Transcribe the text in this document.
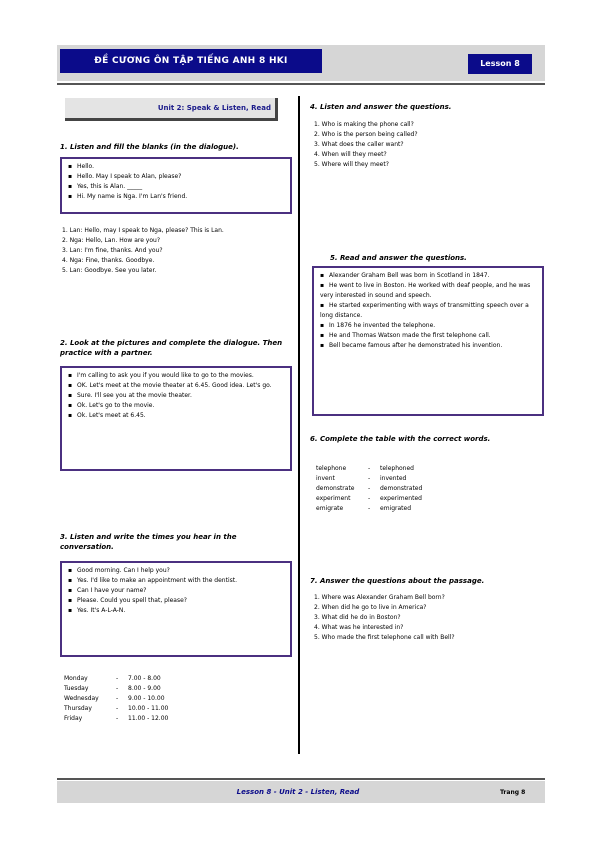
ĐỀ CƯƠNG ÔN TẬP TIẾNG ANH 8 HKI	Lesson 8
Unit 2: Speak & Listen, Read
1. Listen and fill the blanks (in the dialogue).
▪ Hello.
▪ Hello. May I speak to Alan, please?
▪ Yes, this is Alan. _____
▪ Hi. My name is Nga. I'm Lan's friend.
1. Lan: Hello, may I speak to Nga, please? This is Lan.
2. Nga: Hello, Lan. How are you?
3. Lan: I'm fine, thanks. And you?
4. Nga: Fine, thanks. Goodbye.
5. Lan: Goodbye. See you later.
2. Look at the pictures and complete the dialogue. Then practice with a partner.
▪ I'm calling to ask you if you would like to go to the movies.
▪ OK. Let's meet at the movie theater at 6.45. Good idea. Let's go.
▪ Sure. I'll see you at the movie theater.
▪ Ok. Let's go to the movie.
▪ Ok. Let's meet at 6.45.
3. Listen and write the times you hear in the conversation.
▪ Good morning. Can I help you?
▪ Yes. I'd like to make an appointment with the dentist.
▪ Can I have your name?
▪ Please. Could you spell that, please?
▪ Yes. It's A-L-A-N.
Monday	- 7.00 - 8.00
Tuesday	- 8.00 - 9.00
Wednesday	- 9.00 - 10.00
Thursday	- 10.00 - 11.00
Friday	- 11.00 - 12.00
4. Listen and answer the questions.
1. Who is making the phone call?
2. Who is the person being called?
3. What does the caller want?
4. When will they meet?
5. Where will they meet?
5. Read and answer the questions.
▪ Alexander Graham Bell was born in Scotland in 1847.
▪ He went to live in Boston. He worked with deaf people, and he was very interested in sound and speech.
▪ He started experimenting with ways of transmitting speech over a long distance.
▪ In 1876 he invented the telephone.
▪ He and Thomas Watson made the first telephone call.
▪ Bell became famous after he demonstrated his invention.
6. Complete the table with the correct words.
telephone	- telephoned
invent	- invented
demonstrate - demonstrated
experiment	- experimented
emigrate	- emigrated
7. Answer the questions about the passage.
1. Where was Alexander Graham Bell born?
2. When did he go to live in America?
3. What did he do in Boston?
4. What was he interested in?
5. Who made the first telephone call with Bell?
Lesson 8 - Unit 2 - Listen, Read	Trang 8
